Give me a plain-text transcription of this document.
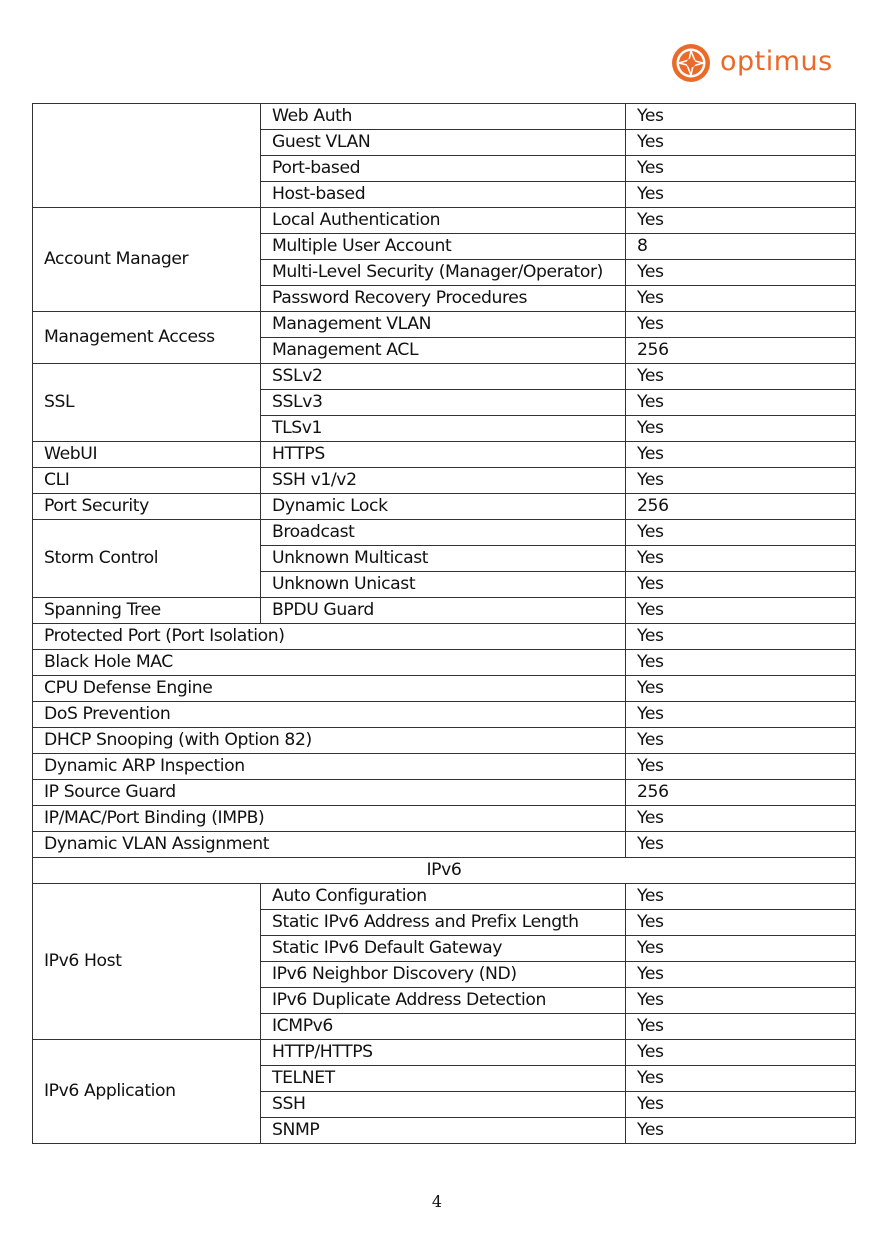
optimus
	Web Auth	Yes
	Guest VLAN	Yes
	Port-based	Yes
	Host-based	Yes
Account Manager	Local Authentication	Yes
	Multiple User Account	8
	Multi-Level Security (Manager/Operator)	Yes
	Password Recovery Procedures	Yes
Management Access	Management VLAN	Yes
	Management ACL	256
SSL	SSLv2	Yes
	SSLv3	Yes
	TLSv1	Yes
WebUI	HTTPS	Yes
CLI	SSH v1/v2	Yes
Port Security	Dynamic Lock	256
Storm Control	Broadcast	Yes
	Unknown Multicast	Yes
	Unknown Unicast	Yes
Spanning Tree	BPDU Guard	Yes
Protected Port (Port Isolation)		Yes
Black Hole MAC		Yes
CPU Defense Engine		Yes
DoS Prevention		Yes
DHCP Snooping (with Option 82)		Yes
Dynamic ARP Inspection		Yes
IP Source Guard		256
IP/MAC/Port Binding (IMPB)		Yes
Dynamic VLAN Assignment		Yes
IPv6		
IPv6 Host	Auto Configuration	Yes
	Static IPv6 Address and Prefix Length	Yes
	Static IPv6 Default Gateway	Yes
	IPv6 Neighbor Discovery (ND)	Yes
	IPv6 Duplicate Address Detection	Yes
	ICMPv6	Yes
IPv6 Application	HTTP/HTTPS	Yes
	TELNET	Yes
	SSH	Yes
	SNMP	Yes
4
